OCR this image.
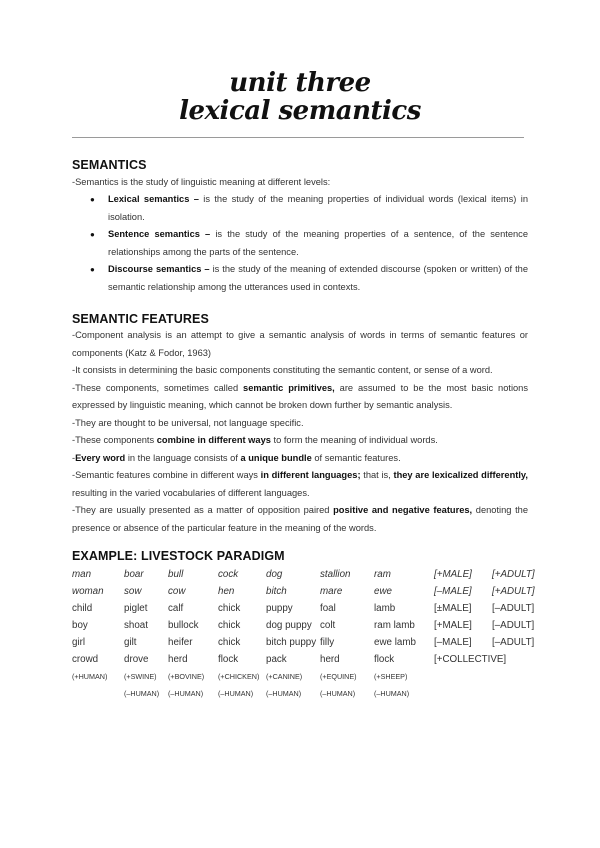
unit three
lexical semantics
SEMANTICS
-Semantics is the study of linguistic meaning at different levels:
● Lexical semantics – is the study of the meaning properties of individual words (lexical items) in isolation.
● Sentence semantics – is the study of the meaning properties of a sentence, of the sentence relationships among the parts of the sentence.
● Discourse semantics – is the study of the meaning of extended discourse (spoken or written) of the semantic relationship among the utterances used in contexts.
SEMANTIC FEATURES
-Component analysis is an attempt to give a semantic analysis of words in terms of semantic features or components (Katz & Fodor, 1963)
-It consists in determining the basic components constituting the semantic content, or sense of a word.
-These components, sometimes called semantic primitives, are assumed to be the most basic notions expressed by linguistic meaning, which cannot be broken down further by semantic analysis.
-They are thought to be universal, not language specific.
-These components combine in different ways to form the meaning of individual words.
-Every word in the language consists of a unique bundle of semantic features.
-Semantic features combine in different ways in different languages; that is, they are lexicalized differently, resulting in the varied vocabularies of different languages.
-They are usually presented as a matter of opposition paired positive and negative features, denoting the presence or absence of the particular feature in the meaning of the words.
EXAMPLE: LIVESTOCK PARADIGM
man	boar	bull	cock	dog	stallion	ram	[+MALE]	[+ADULT]
woman	sow	cow	hen	bitch	mare	ewe	[–MALE]	[+ADULT]
child	piglet	calf	chick	puppy	foal	lamb	[±MALE]	[–ADULT]
boy	shoat	bullock	chick	dog puppy	colt	ram lamb	[+MALE]	[–ADULT]
girl	gilt	heifer	chick	bitch puppy	filly	ewe lamb	[–MALE]	[–ADULT]
crowd	drove	herd	flock	pack	herd	flock	[+COLLECTIVE]	
(+HUMAN)	(+SWINE)	(+BOVINE)	(+CHICKEN)	(+CANINE)	(+EQUINE)	(+SHEEP)		
	(–HUMAN)	(–HUMAN)	(–HUMAN)	(–HUMAN)	(–HUMAN)	(–HUMAN)		
